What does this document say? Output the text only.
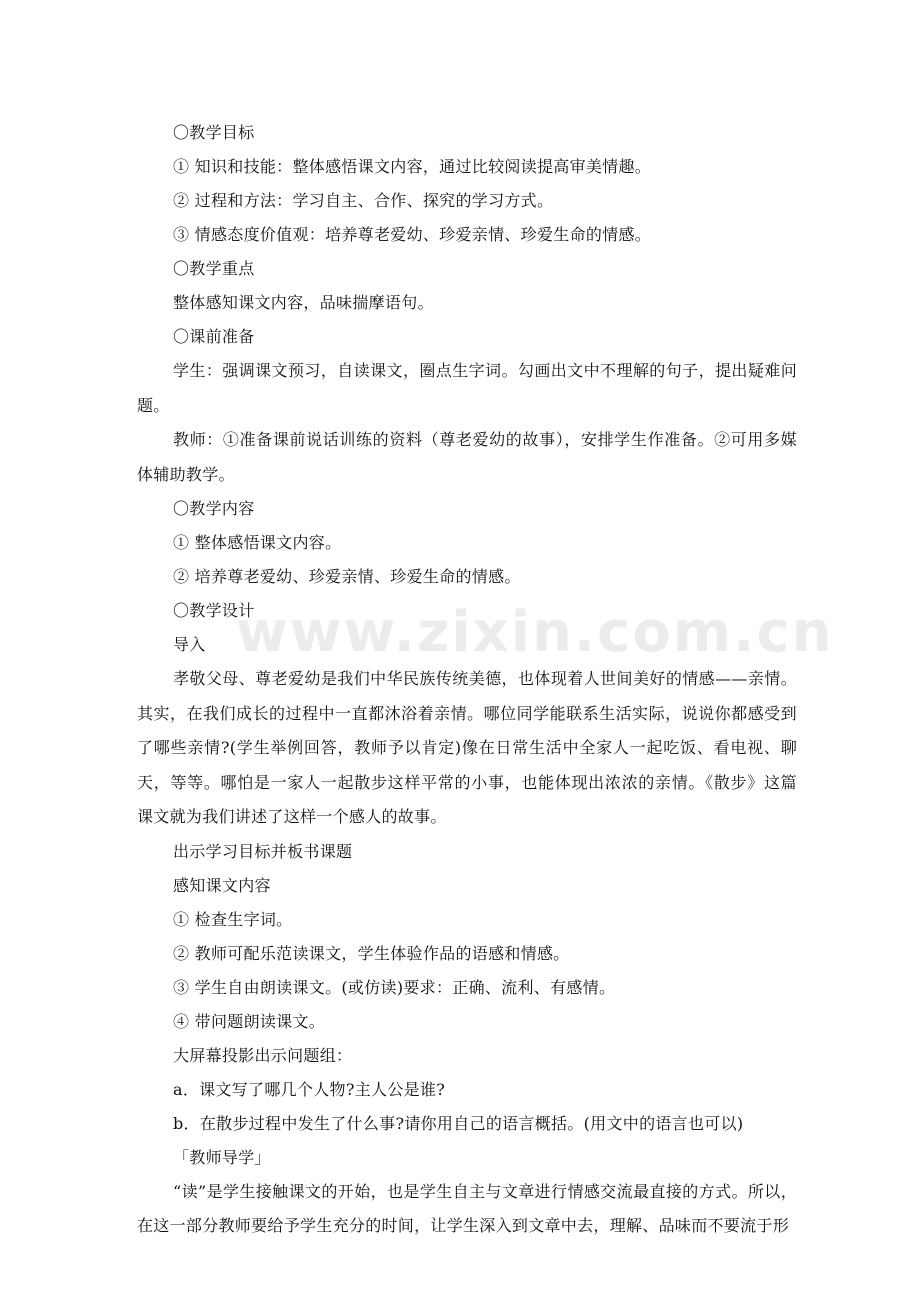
www.zixin.com.cn

〇教学目标

① 知识和技能：整体感悟课文内容，通过比较阅读提高审美情趣。

② 过程和方法：学习自主、合作、探究的学习方式。

③ 情感态度价值观：培养尊老爱幼、珍爱亲情、珍爱生命的情感。

〇教学重点

整体感知课文内容，品味揣摩语句。

〇课前准备

学生：强调课文预习，自读课文，圈点生字词。勾画出文中不理解的句子，提出疑难问题。

教师：①准备课前说话训练的资料（尊老爱幼的故事），安排学生作准备。②可用多媒体辅助教学。

〇教学内容

① 整体感悟课文内容。

② 培养尊老爱幼、珍爱亲情、珍爱生命的情感。

〇教学设计

导入

孝敬父母、尊老爱幼是我们中华民族传统美德，也体现着人世间美好的情感——亲情。其实，在我们成长的过程中一直都沐浴着亲情。哪位同学能联系生活实际，说说你都感受到了哪些亲情?(学生举例回答，教师予以肯定)像在日常生活中全家人一起吃饭、看电视、聊天，等等。哪怕是一家人一起散步这样平常的小事，也能体现出浓浓的亲情。《散步》这篇课文就为我们讲述了这样一个感人的故事。

出示学习目标并板书课题

感知课文内容

① 检查生字词。

② 教师可配乐范读课文，学生体验作品的语感和情感。

③ 学生自由朗读课文。(或仿读)要求：正确、流利、有感情。

④ 带问题朗读课文。

大屏幕投影出示问题组：

a．课文写了哪几个人物?主人公是谁?

b．在散步过程中发生了什么事?请你用自己的语言概括。(用文中的语言也可以)

「教师导学」

“读”是学生接触课文的开始，也是学生自主与文章进行情感交流最直接的方式。所以，在这一部分教师要给予学生充分的时间，让学生深入到文章中去，理解、品味而不要流于形
